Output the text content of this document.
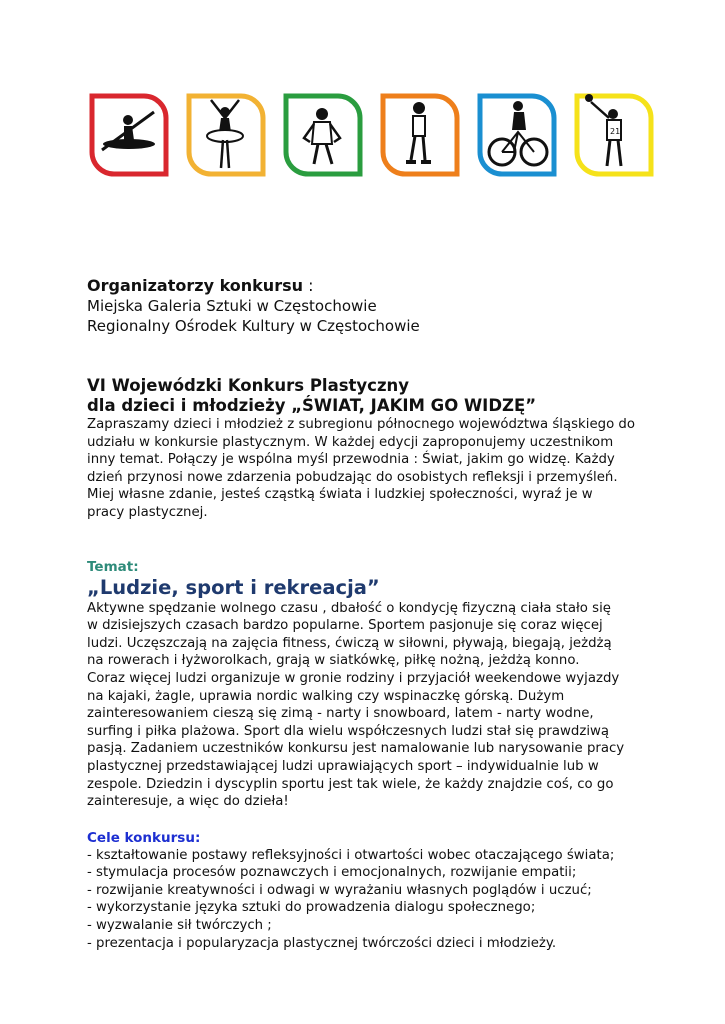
21

Organizatorzy konkursu :

Miejska Galeria Sztuki w Częstochowie

Regionalny Ośrodek Kultury w Częstochowie

VI Wojewódzki Konkurs Plastyczny

dla dzieci i młodzieży „ŚWIAT, JAKIM GO WIDZĘ”

Zapraszamy dzieci i młodzież z subregionu północnego województwa śląskiego do

udziału w konkursie plastycznym. W każdej edycji zaproponujemy uczestnikom

inny temat. Połączy je wspólna myśl przewodnia : Świat, jakim go widzę. Każdy

dzień przynosi nowe zdarzenia pobudzając do osobistych refleksji i przemyśleń.

Miej własne zdanie, jesteś cząstką świata i ludzkiej społeczności, wyraź je w

pracy plastycznej.

Temat:

„Ludzie, sport i rekreacja”

Aktywne spędzanie wolnego czasu , dbałość o kondycję fizyczną ciała stało się

w dzisiejszych czasach bardzo popularne. Sportem pasjonuje się coraz więcej

ludzi. Uczęszczają na zajęcia fitness, ćwiczą w siłowni, pływają, biegają, jeżdżą

na rowerach i łyżworolkach, grają w siatkówkę, piłkę nożną, jeżdżą konno.

Coraz więcej ludzi organizuje w gronie rodziny i przyjaciół weekendowe wyjazdy

na kajaki, żagle, uprawia nordic walking czy wspinaczkę górską. Dużym

zainteresowaniem cieszą się zimą - narty i snowboard, latem - narty wodne,

surfing i piłka plażowa. Sport dla wielu współczesnych ludzi stał się prawdziwą

pasją. Zadaniem uczestników konkursu jest namalowanie lub narysowanie pracy

plastycznej przedstawiającej ludzi uprawiających sport – indywidualnie lub w

zespole. Dziedzin i dyscyplin sportu jest tak wiele, że każdy znajdzie coś, co go

zainteresuje, a więc do dzieła!

Cele konkursu:

- kształtowanie postawy refleksyjności i otwartości wobec otaczającego świata;

- stymulacja procesów poznawczych i emocjonalnych, rozwijanie empatii;

- rozwijanie kreatywności i odwagi w wyrażaniu własnych poglądów i uczuć;

- wykorzystanie języka sztuki do prowadzenia dialogu społecznego;

- wyzwalanie sił twórczych ;

- prezentacja i popularyzacja plastycznej twórczości dzieci i młodzieży.
